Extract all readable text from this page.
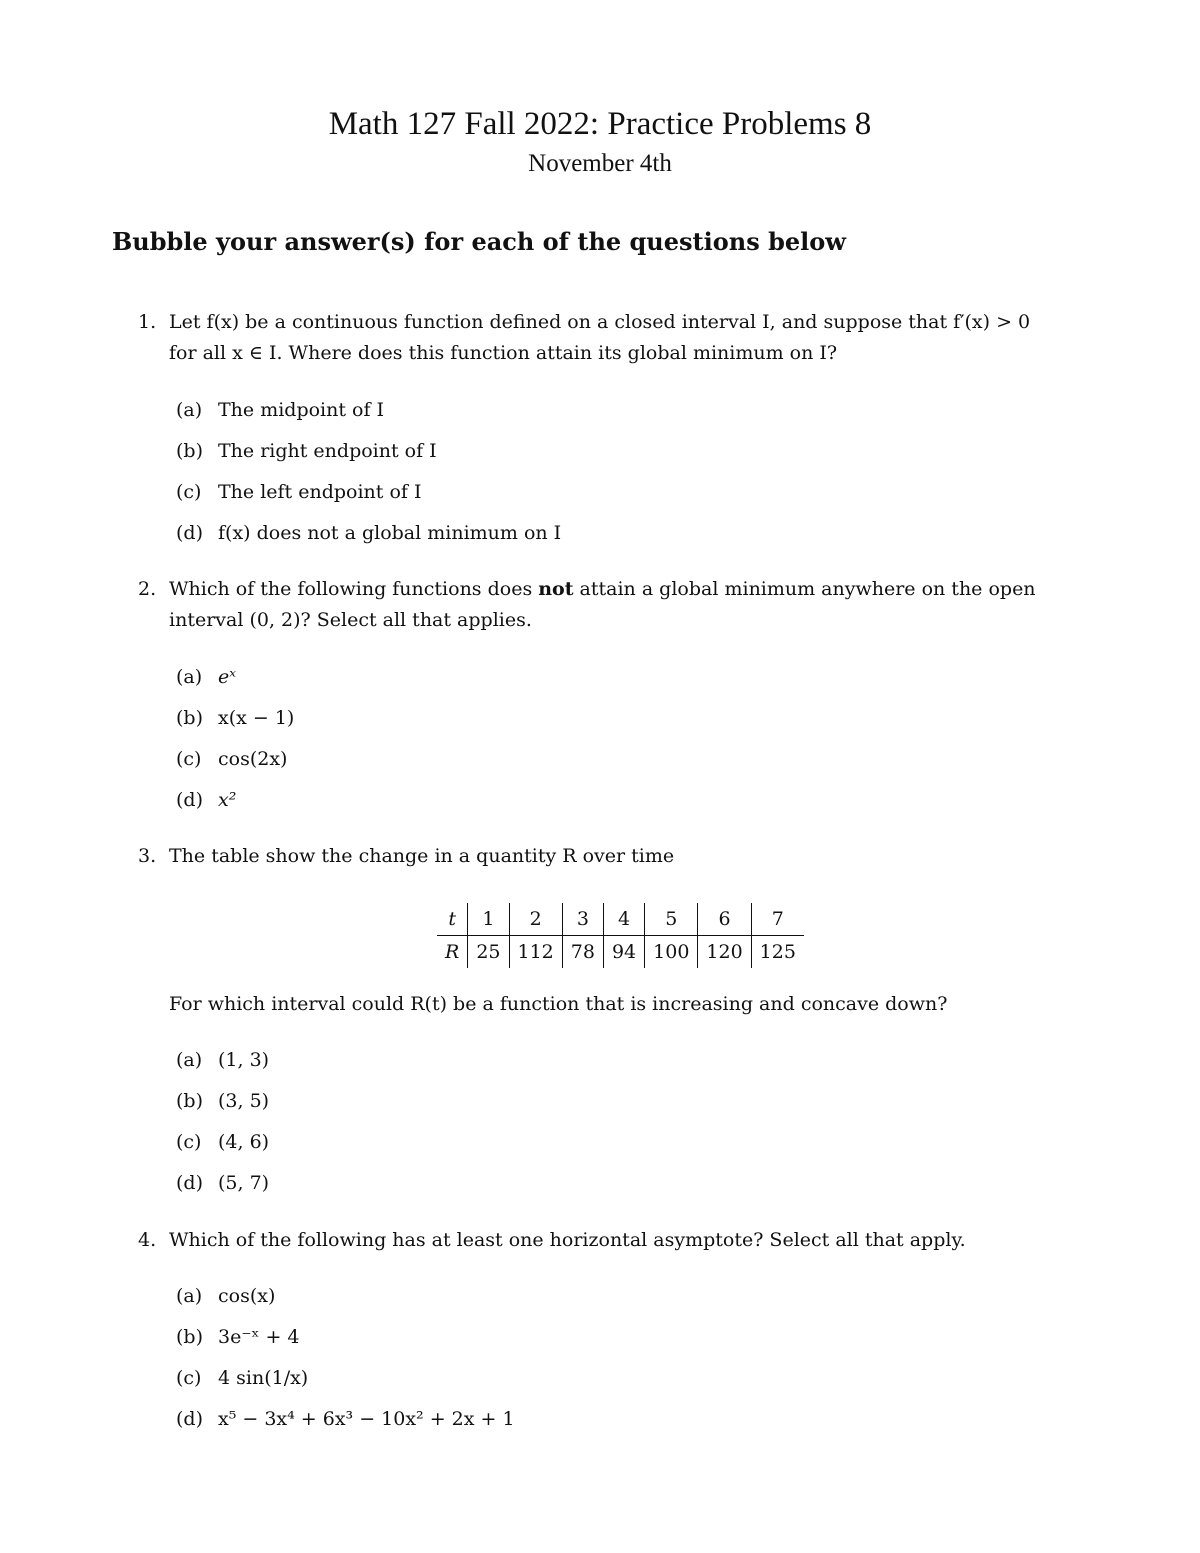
Math 127 Fall 2022: Practice Problems 8
November 4th
Bubble your answer(s) for each of the questions below
1. Let f(x) be a continuous function defined on a closed interval I, and suppose that f′(x) > 0
for all x ∈ I. Where does this function attain its global minimum on I?
(a) The midpoint of I
(b) The right endpoint of I
(c) The left endpoint of I
(d) f(x) does not a global minimum on I
2. Which of the following functions does not attain a global minimum anywhere on the open
interval (0, 2)? Select all that applies.
(a) eˣ
(b) x(x − 1)
(c) cos(2x)
(d) x²
3. The table show the change in a quantity R over time
t	1	2	3	4	5	6	7
R	25	112	78	94	100	120	125
For which interval could R(t) be a function that is increasing and concave down?
(a) (1, 3)
(b) (3, 5)
(c) (4, 6)
(d) (5, 7)
4. Which of the following has at least one horizontal asymptote? Select all that apply.
(a) cos(x)
(b) 3e⁻ˣ + 4
(c) 4 sin(1/x)
(d) x⁵ − 3x⁴ + 6x³ − 10x² + 2x + 1
